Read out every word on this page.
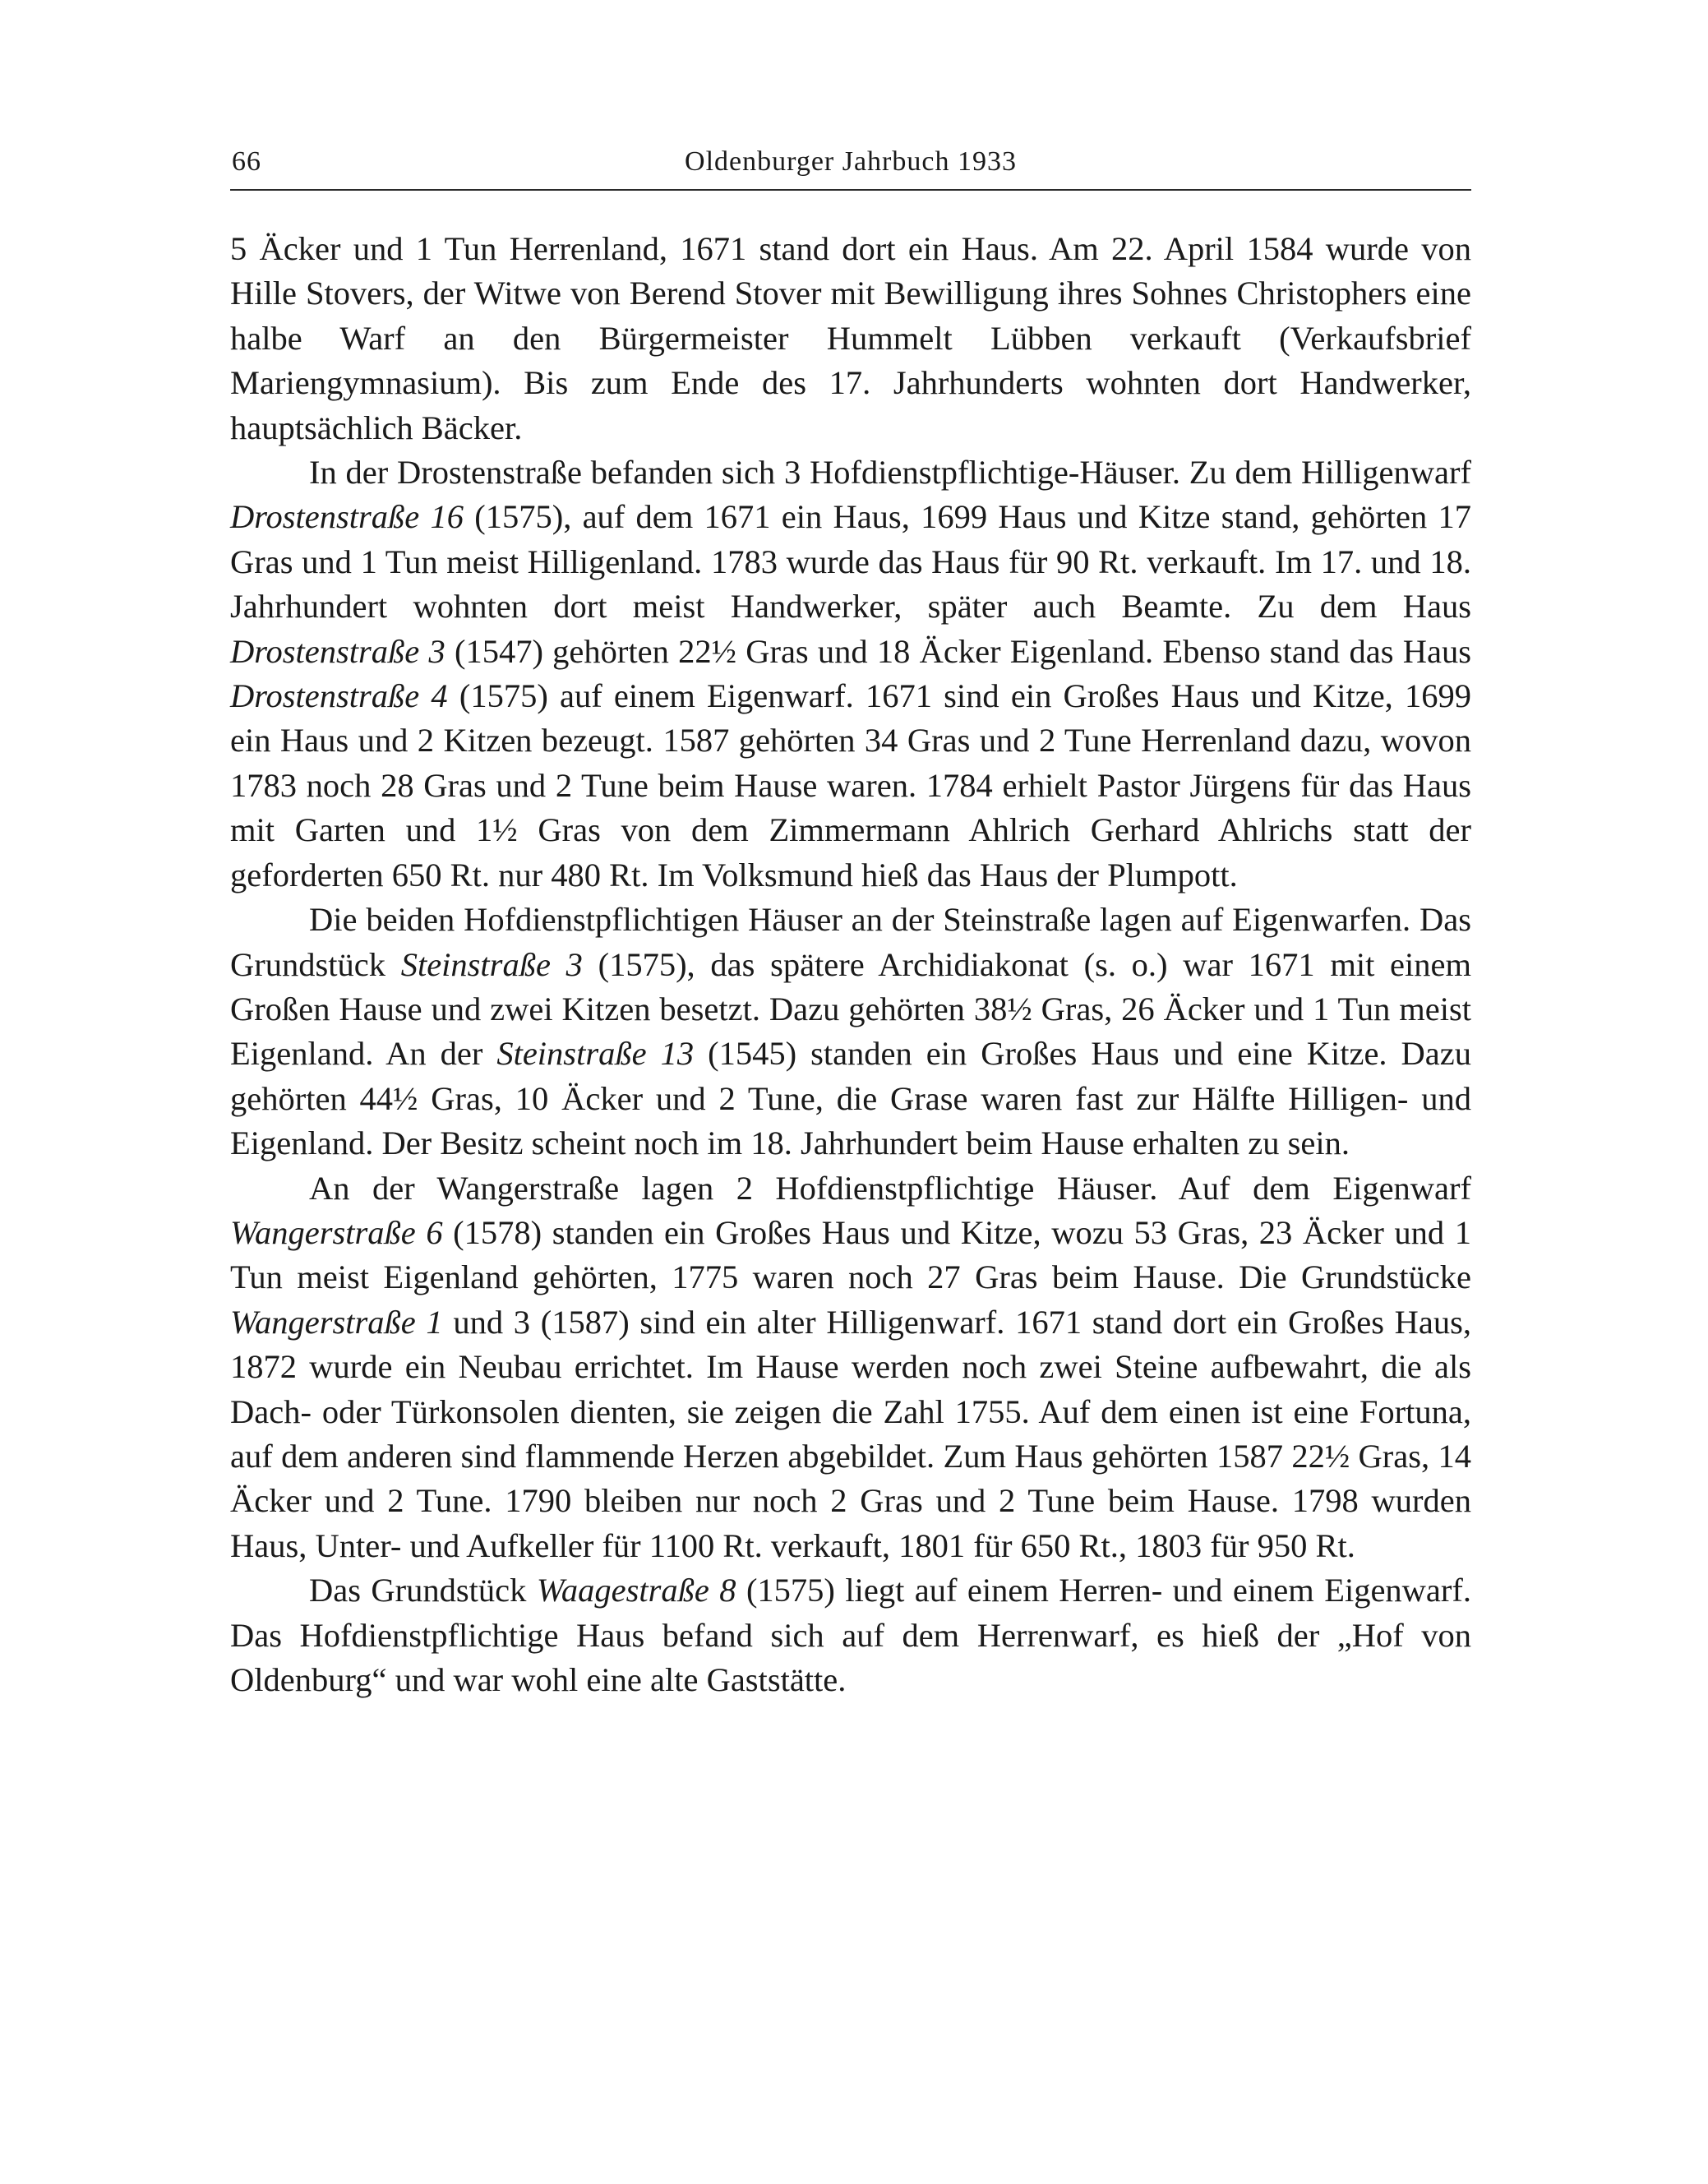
66	Oldenburger Jahrbuch 1933

5 Äcker und 1 Tun Herrenland, 1671 stand dort ein Haus. Am 22. April 1584 wurde von Hille Stovers, der Witwe von Berend Stover mit Bewilligung ihres Sohnes Christophers eine halbe Warf an den Bürgermeister Hummelt Lübben verkauft (Verkaufsbrief Mariengymnasium). Bis zum Ende des 17. Jahrhunderts wohnten dort Handwerker, hauptsächlich Bäcker.

In der Drostenstraße befanden sich 3 Hofdienstpflichtige-Häuser. Zu dem Hilligenwarf Drostenstraße 16 (1575), auf dem 1671 ein Haus, 1699 Haus und Kitze stand, gehörten 17 Gras und 1 Tun meist Hilligenland. 1783 wurde das Haus für 90 Rt. verkauft. Im 17. und 18. Jahrhundert wohnten dort meist Handwerker, später auch Beamte. Zu dem Haus Drostenstraße 3 (1547) gehörten 22½ Gras und 18 Äcker Eigenland. Ebenso stand das Haus Drostenstraße 4 (1575) auf einem Eigenwarf. 1671 sind ein Großes Haus und Kitze, 1699 ein Haus und 2 Kitzen bezeugt. 1587 gehörten 34 Gras und 2 Tune Herrenland dazu, wovon 1783 noch 28 Gras und 2 Tune beim Hause waren. 1784 erhielt Pastor Jürgens für das Haus mit Garten und 1½ Gras von dem Zimmermann Ahlrich Gerhard Ahlrichs statt der geforderten 650 Rt. nur 480 Rt. Im Volksmund hieß das Haus der Plumpott.

Die beiden Hofdienstpflichtigen Häuser an der Steinstraße lagen auf Eigenwarfen. Das Grundstück Steinstraße 3 (1575), das spätere Archidiakonat (s. o.) war 1671 mit einem Großen Hause und zwei Kitzen besetzt. Dazu gehörten 38½ Gras, 26 Äcker und 1 Tun meist Eigenland. An der Steinstraße 13 (1545) standen ein Großes Haus und eine Kitze. Dazu gehörten 44½ Gras, 10 Äcker und 2 Tune, die Grase waren fast zur Hälfte Hilligen- und Eigenland. Der Besitz scheint noch im 18. Jahrhundert beim Hause erhalten zu sein.

An der Wangerstraße lagen 2 Hofdienstpflichtige Häuser. Auf dem Eigenwarf Wangerstraße 6 (1578) standen ein Großes Haus und Kitze, wozu 53 Gras, 23 Äcker und 1 Tun meist Eigenland gehörten, 1775 waren noch 27 Gras beim Hause. Die Grundstücke Wangerstraße 1 und 3 (1587) sind ein alter Hilligenwarf. 1671 stand dort ein Großes Haus, 1872 wurde ein Neubau errichtet. Im Hause werden noch zwei Steine aufbewahrt, die als Dach- oder Türkonsolen dienten, sie zeigen die Zahl 1755. Auf dem einen ist eine Fortuna, auf dem anderen sind flammende Herzen abgebildet. Zum Haus gehörten 1587 22½ Gras, 14 Äcker und 2 Tune. 1790 bleiben nur noch 2 Gras und 2 Tune beim Hause. 1798 wurden Haus, Unter- und Aufkeller für 1100 Rt. verkauft, 1801 für 650 Rt., 1803 für 950 Rt.

Das Grundstück Waagestraße 8 (1575) liegt auf einem Herren- und einem Eigenwarf. Das Hofdienstpflichtige Haus befand sich auf dem Herrenwarf, es hieß der „Hof von Oldenburg“ und war wohl eine alte Gaststätte.
